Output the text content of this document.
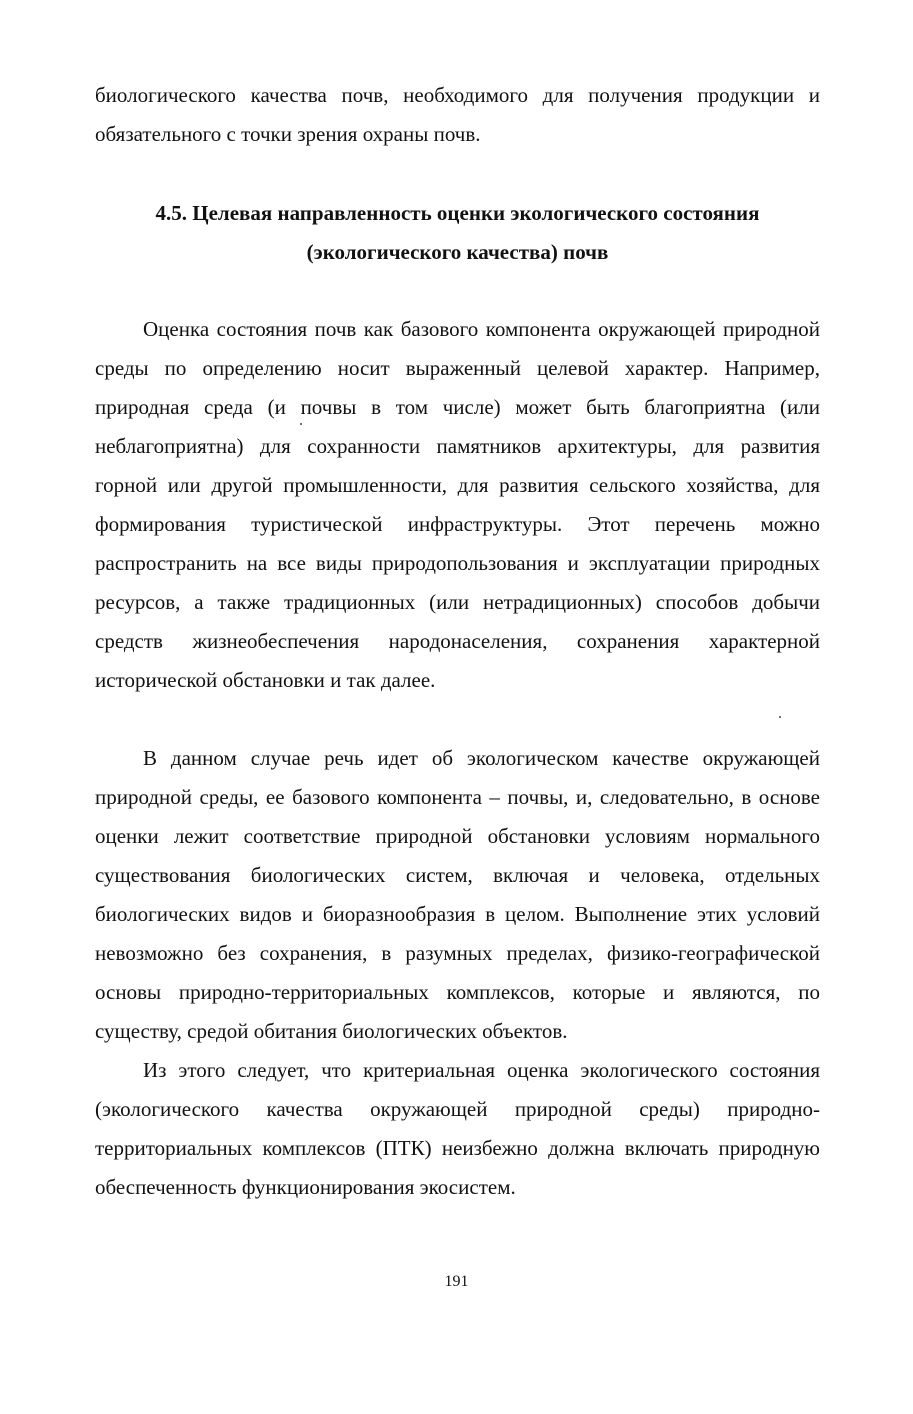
биологического качества почв, необходимого для получения продукции и обязательного с точки зрения охраны почв.

4.5. Целевая направленность оценки экологического состояния
(экологического качества) почв

Оценка состояния почв как базового компонента окружающей природной среды по определению носит выраженный целевой характер. Например, природная среда (и почвы в том числе) может быть благоприятна (или неблагоприятна) для сохранности памятников архитектуры, для развития горной или другой промышленности, для развития сельского хозяйства, для формирования туристической инфраструктуры. Этот перечень можно распространить на все виды природопользования и эксплуатации природных ресурсов, а также традиционных (или нетрадиционных) способов добычи средств жизнеобеспечения народонаселения, сохранения характерной исторической обстановки и так далее.

В данном случае речь идет об экологическом качестве окружающей природной среды, ее базового компонента – почвы, и, следовательно, в основе оценки лежит соответствие природной обстановки условиям нормального существования биологических систем, включая и человека, отдельных биологических видов и биоразнообразия в целом. Выполнение этих условий невозможно без сохранения, в разумных пределах, физико-географической основы природно-территориальных комплексов, которые и являются, по существу, средой обитания биологических объектов.

Из этого следует, что критериальная оценка экологического состояния (экологического качества окружающей природной среды) природно-территориальных комплексов (ПТК) неизбежно должна включать природную обеспеченность функционирования экосистем.

191
